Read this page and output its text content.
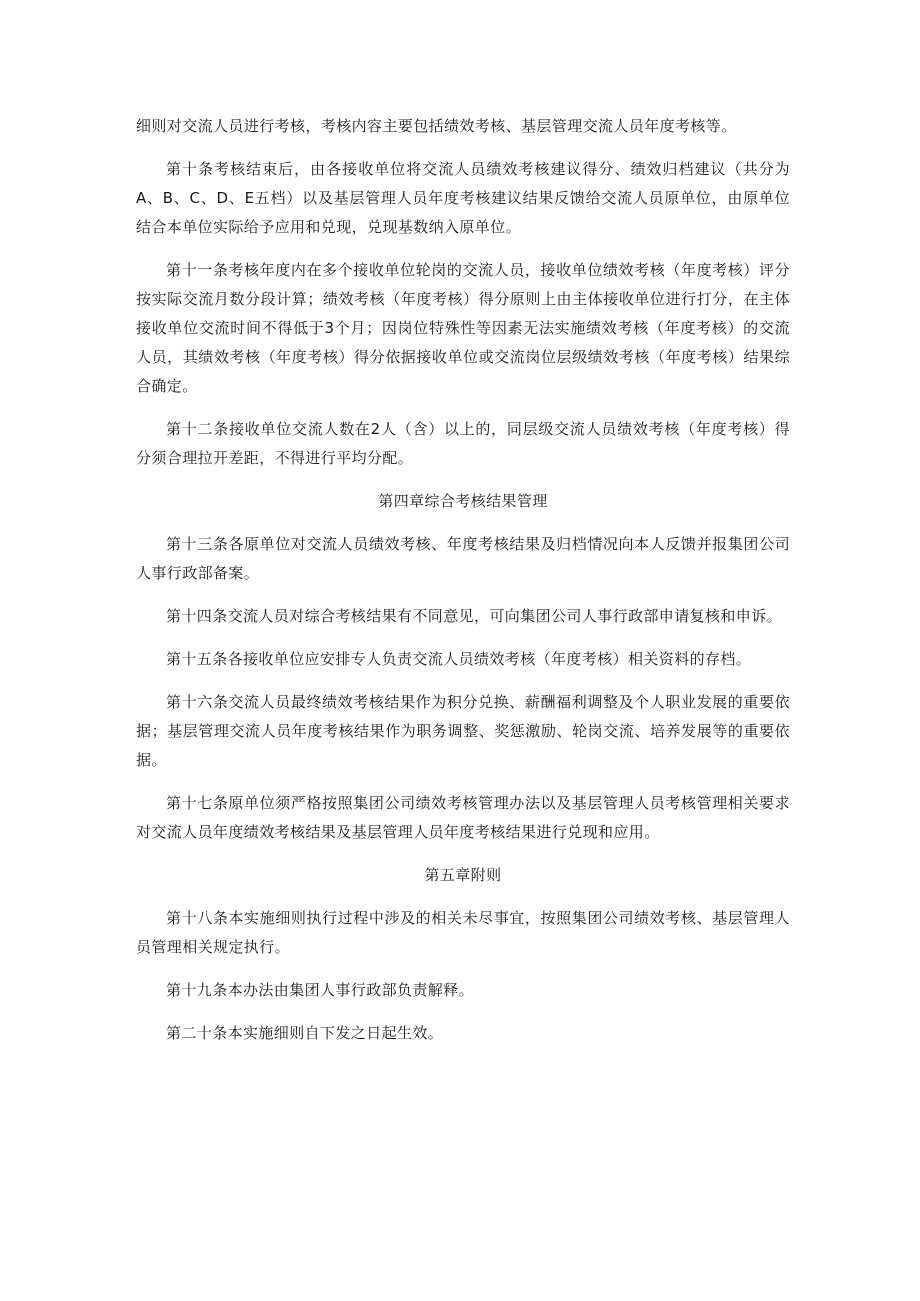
细则对交流人员进行考核，考核内容主要包括绩效考核、基层管理交流人员年度考核等。

第十条考核结束后，由各接收单位将交流人员绩效考核建议得分、绩效归档建议（共分为A、B、C、D、E五档）以及基层管理人员年度考核建议结果反馈给交流人员原单位，由原单位结合本单位实际给予应用和兑现，兑现基数纳入原单位。

第十一条考核年度内在多个接收单位轮岗的交流人员，接收单位绩效考核（年度考核）评分按实际交流月数分段计算；绩效考核（年度考核）得分原则上由主体接收单位进行打分，在主体接收单位交流时间不得低于3个月；因岗位特殊性等因素无法实施绩效考核（年度考核）的交流人员，其绩效考核（年度考核）得分依据接收单位或交流岗位层级绩效考核（年度考核）结果综合确定。

第十二条接收单位交流人数在2人（含）以上的，同层级交流人员绩效考核（年度考核）得分须合理拉开差距，不得进行平均分配。

第四章综合考核结果管理

第十三条各原单位对交流人员绩效考核、年度考核结果及归档情况向本人反馈并报集团公司人事行政部备案。

第十四条交流人员对综合考核结果有不同意见，可向集团公司人事行政部申请复核和申诉。

第十五条各接收单位应安排专人负责交流人员绩效考核（年度考核）相关资料的存档。

第十六条交流人员最终绩效考核结果作为积分兑换、薪酬福利调整及个人职业发展的重要依据；基层管理交流人员年度考核结果作为职务调整、奖惩激励、轮岗交流、培养发展等的重要依据。

第十七条原单位须严格按照集团公司绩效考核管理办法以及基层管理人员考核管理相关要求对交流人员年度绩效考核结果及基层管理人员年度考核结果进行兑现和应用。

第五章附则

第十八条本实施细则执行过程中涉及的相关未尽事宜，按照集团公司绩效考核、基层管理人员管理相关规定执行。

第十九条本办法由集团人事行政部负责解释。

第二十条本实施细则自下发之日起生效。
